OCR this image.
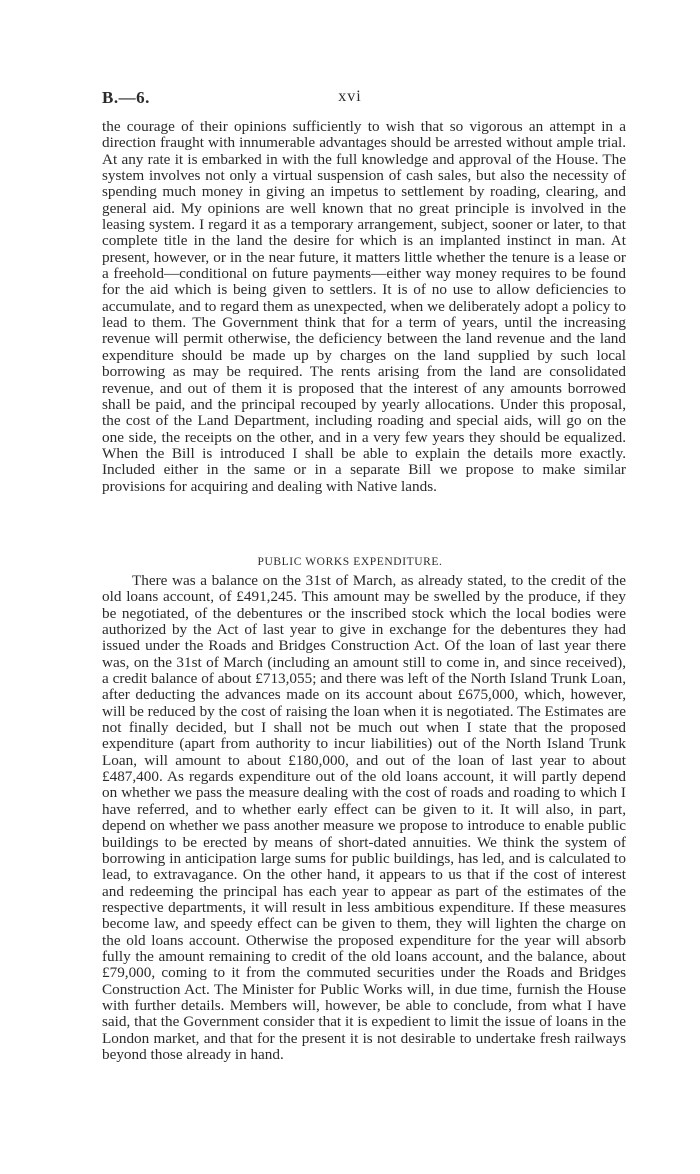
B.—6.	xvi

the courage of their opinions sufficiently to wish that so vigorous an attempt in a direction fraught with innumerable advantages should be arrested without ample trial. At any rate it is embarked in with the full knowledge and approval of the House. The system involves not only a virtual suspension of cash sales, but also the necessity of spending much money in giving an impetus to settlement by roading, clearing, and general aid. My opinions are well known that no great principle is involved in the leasing system. I regard it as a temporary arrangement, subject, sooner or later, to that complete title in the land the desire for which is an implanted instinct in man. At present, however, or in the near future, it matters little whether the tenure is a lease or a freehold—conditional on future payments—either way money requires to be found for the aid which is being given to settlers. It is of no use to allow deficiencies to accumulate, and to regard them as unexpected, when we deliberately adopt a policy to lead to them. The Government think that for a term of years, until the increasing revenue will permit otherwise, the deficiency between the land revenue and the land expenditure should be made up by charges on the land supplied by such local borrowing as may be required. The rents arising from the land are consolidated revenue, and out of them it is proposed that the interest of any amounts borrowed shall be paid, and the principal recouped by yearly allocations. Under this proposal, the cost of the Land Department, including roading and special aids, will go on the one side, the receipts on the other, and in a very few years they should be equalized. When the Bill is introduced I shall be able to explain the details more exactly. Included either in the same or in a separate Bill we propose to make similar provisions for acquiring and dealing with Native lands.

PUBLIC WORKS EXPENDITURE.

There was a balance on the 31st of March, as already stated, to the credit of the old loans account, of £491,245. This amount may be swelled by the produce, if they be negotiated, of the debentures or the inscribed stock which the local bodies were authorized by the Act of last year to give in exchange for the debentures they had issued under the Roads and Bridges Construction Act. Of the loan of last year there was, on the 31st of March (including an amount still to come in, and since received), a credit balance of about £713,055; and there was left of the North Island Trunk Loan, after deducting the advances made on its account about £675,000, which, however, will be reduced by the cost of raising the loan when it is negotiated. The Estimates are not finally decided, but I shall not be much out when I state that the proposed expenditure (apart from authority to incur liabilities) out of the North Island Trunk Loan, will amount to about £180,000, and out of the loan of last year to about £487,400. As regards expenditure out of the old loans account, it will partly depend on whether we pass the measure dealing with the cost of roads and roading to which I have referred, and to whether early effect can be given to it. It will also, in part, depend on whether we pass another measure we propose to introduce to enable public buildings to be erected by means of short-dated annuities. We think the system of borrowing in anticipation large sums for public buildings, has led, and is calculated to lead, to extravagance. On the other hand, it appears to us that if the cost of interest and redeeming the principal has each year to appear as part of the estimates of the respective departments, it will result in less ambitious expenditure. If these measures become law, and speedy effect can be given to them, they will lighten the charge on the old loans account. Otherwise the proposed expenditure for the year will absorb fully the amount remaining to credit of the old loans account, and the balance, about £79,000, coming to it from the commuted securities under the Roads and Bridges Construction Act. The Minister for Public Works will, in due time, furnish the House with further details. Members will, however, be able to conclude, from what I have said, that the Government consider that it is expedient to limit the issue of loans in the London market, and that for the present it is not desirable to undertake fresh railways beyond those already in hand.
